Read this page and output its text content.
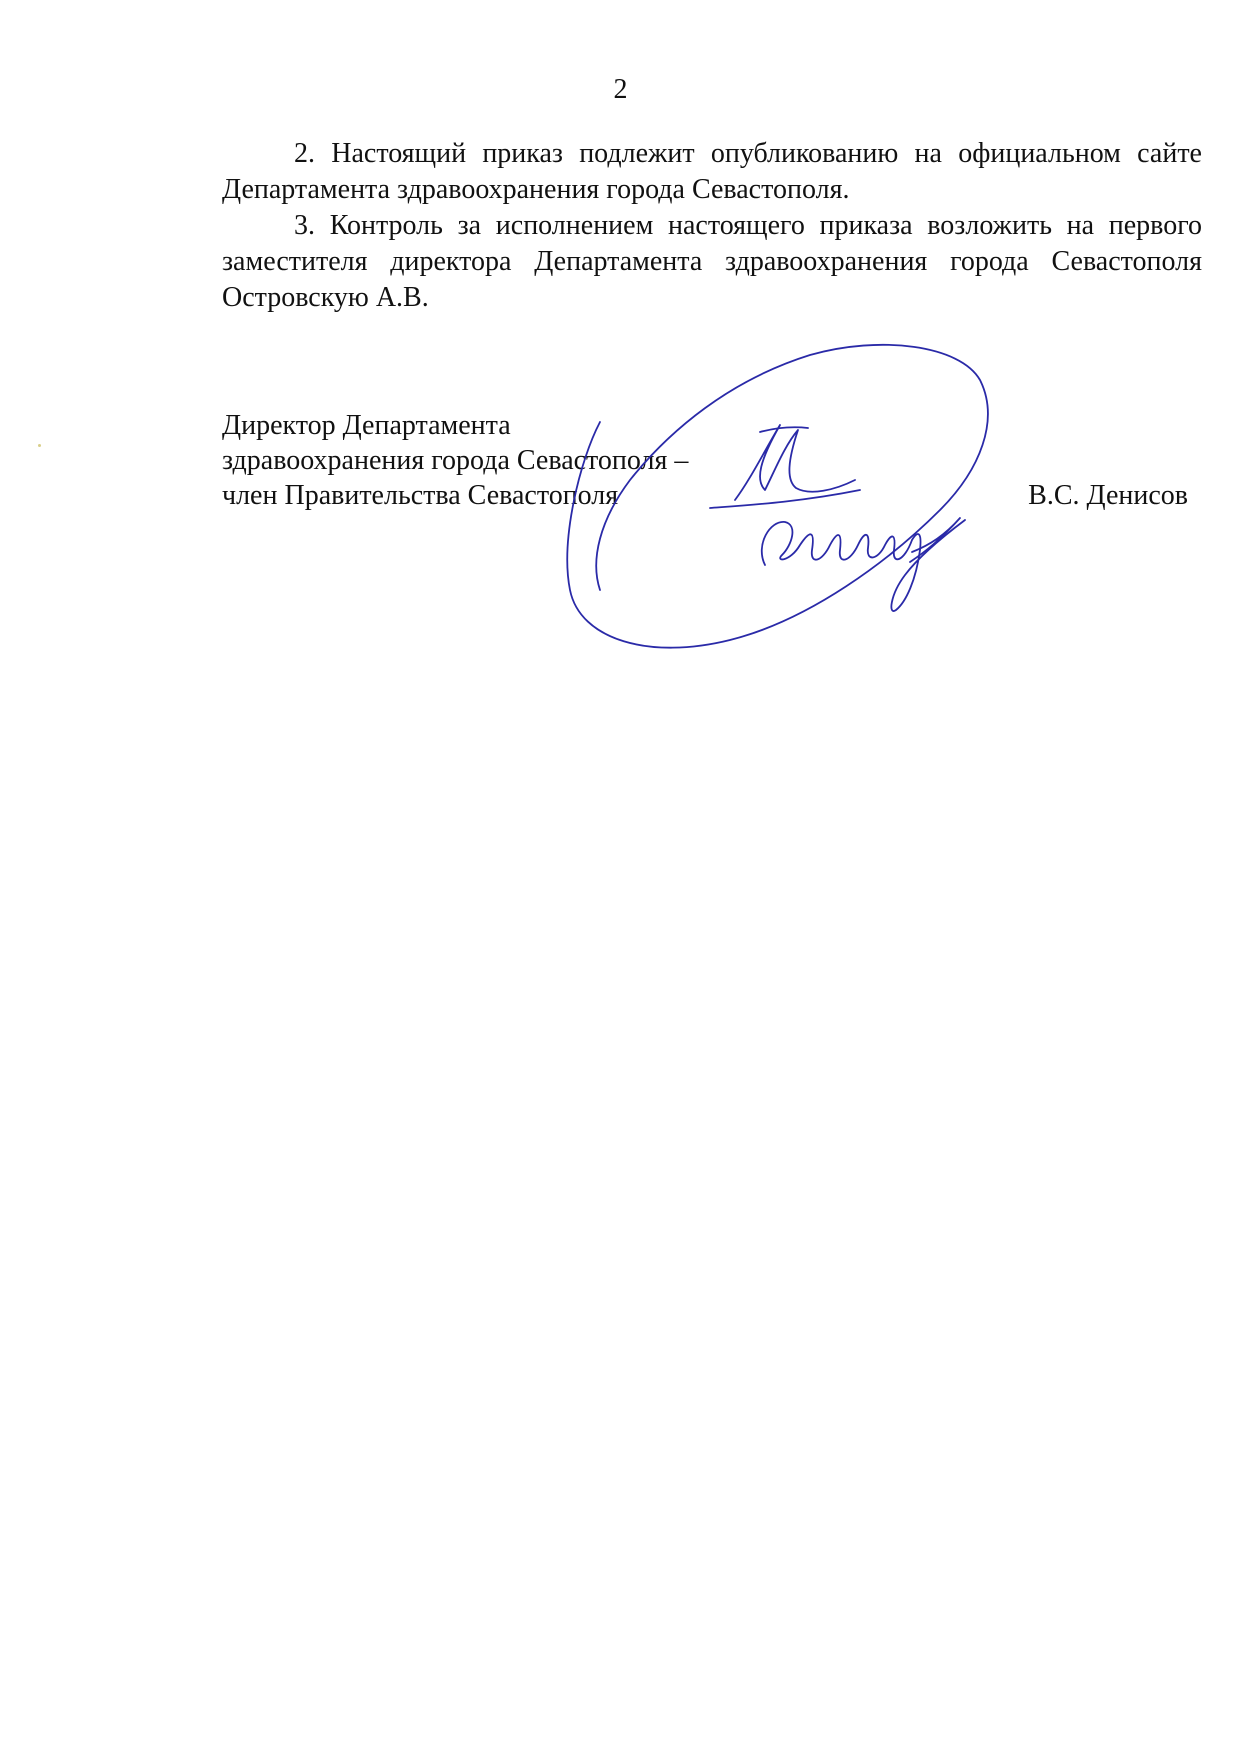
2

2. Настоящий приказ подлежит опубликованию на официальном сайте Департамента здравоохранения города Севастополя.

3. Контроль за исполнением настоящего приказа возложить на первого заместителя директора Департамента здравоохранения города Севастополя Островскую А.В.

Директор Департамента
здравоохранения города Севастополя –
член Правительства Севастополя	В.С. Денисов
